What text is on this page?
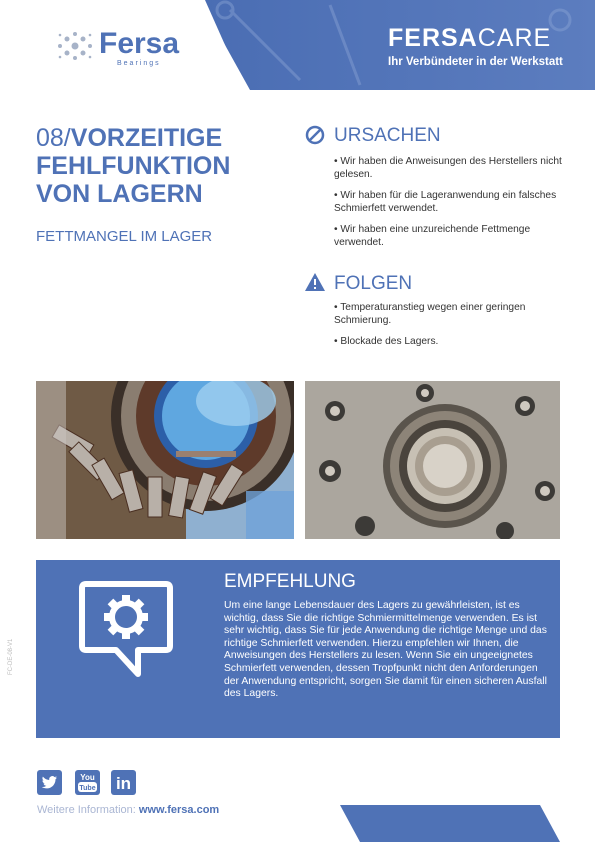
Fersa
Bearings
FERSACARE
Ihr Verbündeter in der Werkstatt
08/VORZEITIGE
FEHLFUNKTION
VON LAGERN
FETTMANGEL IM LAGER
URSACHEN
• Wir haben die Anweisungen des Herstellers nicht gelesen.
• Wir haben für die Lageranwendung ein falsches Schmierfett verwendet.
• Wir haben eine unzureichende Fettmenge verwendet.
FOLGEN
• Temperaturanstieg wegen einer geringen Schmierung.
• Blockade des Lagers.
EMPFEHLUNG
Um eine lange Lebensdauer des Lagers zu gewährleisten, ist es wichtig, dass Sie die richtige Schmiermittelmenge verwenden. Es ist sehr wichtig, dass Sie für jede Anwendung die richtige Menge und das richtige Schmierfett verwenden. Hierzu empfehlen wir Ihnen, die Anweisungen des Herstellers zu lesen. Wenn Sie ein ungeeignetes Schmierfett verwenden, dessen Tropfpunkt nicht den Anforderungen der Anwendung entspricht, sorgen Sie damit für einen sicheren Ausfall des Lagers.
FC-DE-08-V1
You
Tube in
Weitere Information: www.fersa.com
